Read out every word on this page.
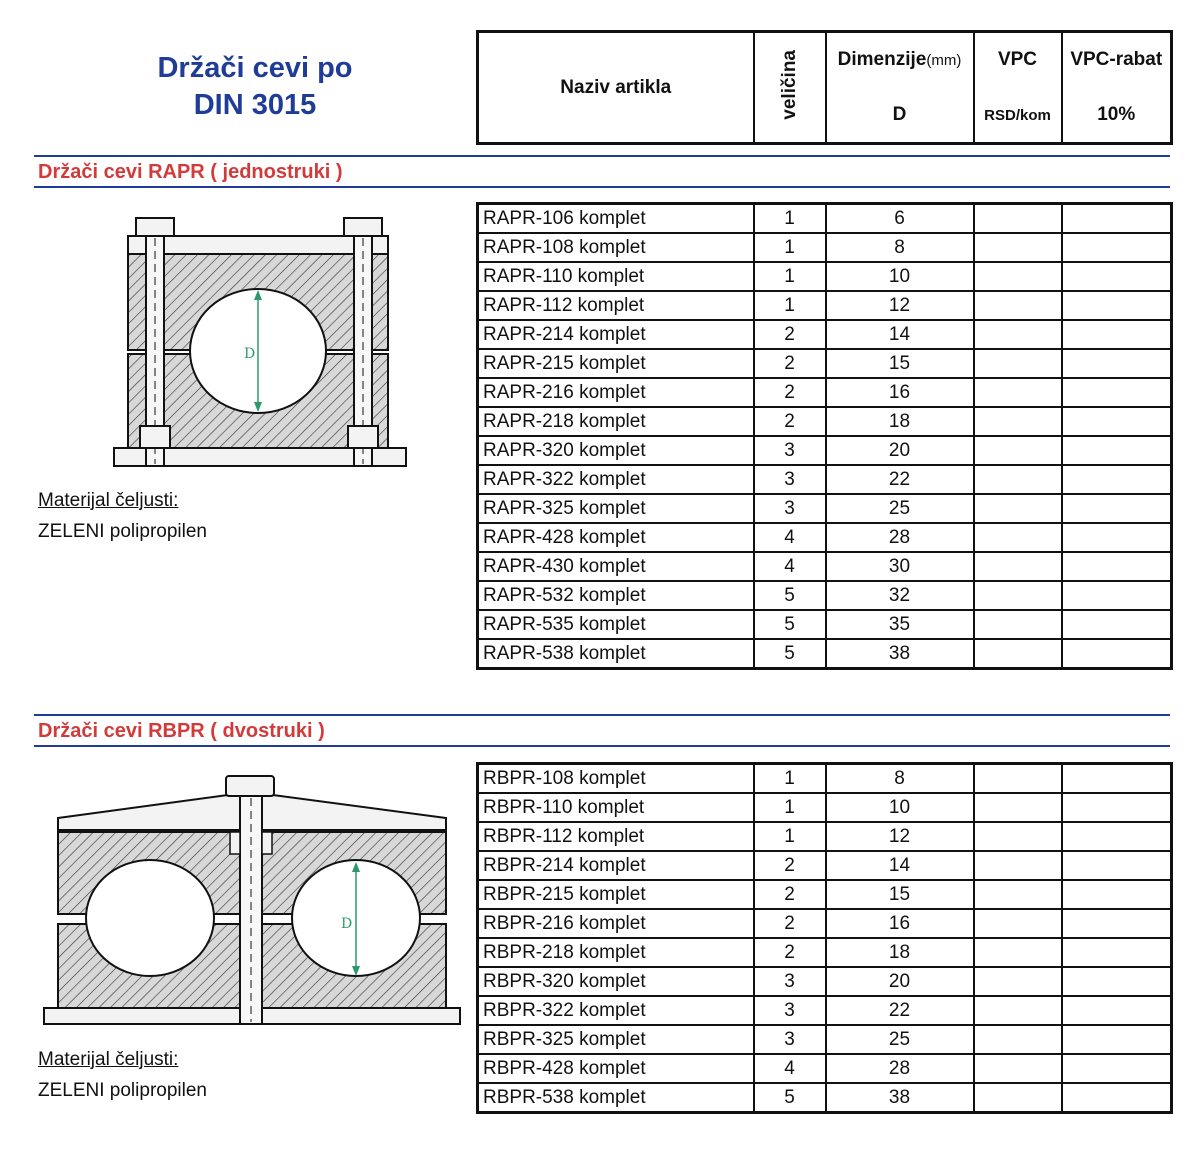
Držači cevi po
DIN 3015
Naziv artikla	veličina	Dimenzije(mm)	VPC	VPC-rabat
		D	RSD/kom	10%
Držači cevi RAPR ( jednostruki )
D
Materijal čeljusti:
ZELENI polipropilen
RAPR-106 komplet	1	6		
RAPR-108 komplet	1	8		
RAPR-110 komplet	1	10		
RAPR-112 komplet	1	12		
RAPR-214 komplet	2	14		
RAPR-215 komplet	2	15		
RAPR-216 komplet	2	16		
RAPR-218 komplet	2	18		
RAPR-320 komplet	3	20		
RAPR-322 komplet	3	22		
RAPR-325 komplet	3	25		
RAPR-428 komplet	4	28		
RAPR-430 komplet	4	30		
RAPR-532 komplet	5	32		
RAPR-535 komplet	5	35		
RAPR-538 komplet	5	38		
Držači cevi RBPR ( dvostruki )
D
Materijal čeljusti:
ZELENI polipropilen
RBPR-108 komplet	1	8		
RBPR-110 komplet	1	10		
RBPR-112 komplet	1	12		
RBPR-214 komplet	2	14		
RBPR-215 komplet	2	15		
RBPR-216 komplet	2	16		
RBPR-218 komplet	2	18		
RBPR-320 komplet	3	20		
RBPR-322 komplet	3	22		
RBPR-325 komplet	3	25		
RBPR-428 komplet	4	28		
RBPR-538 komplet	5	38		
